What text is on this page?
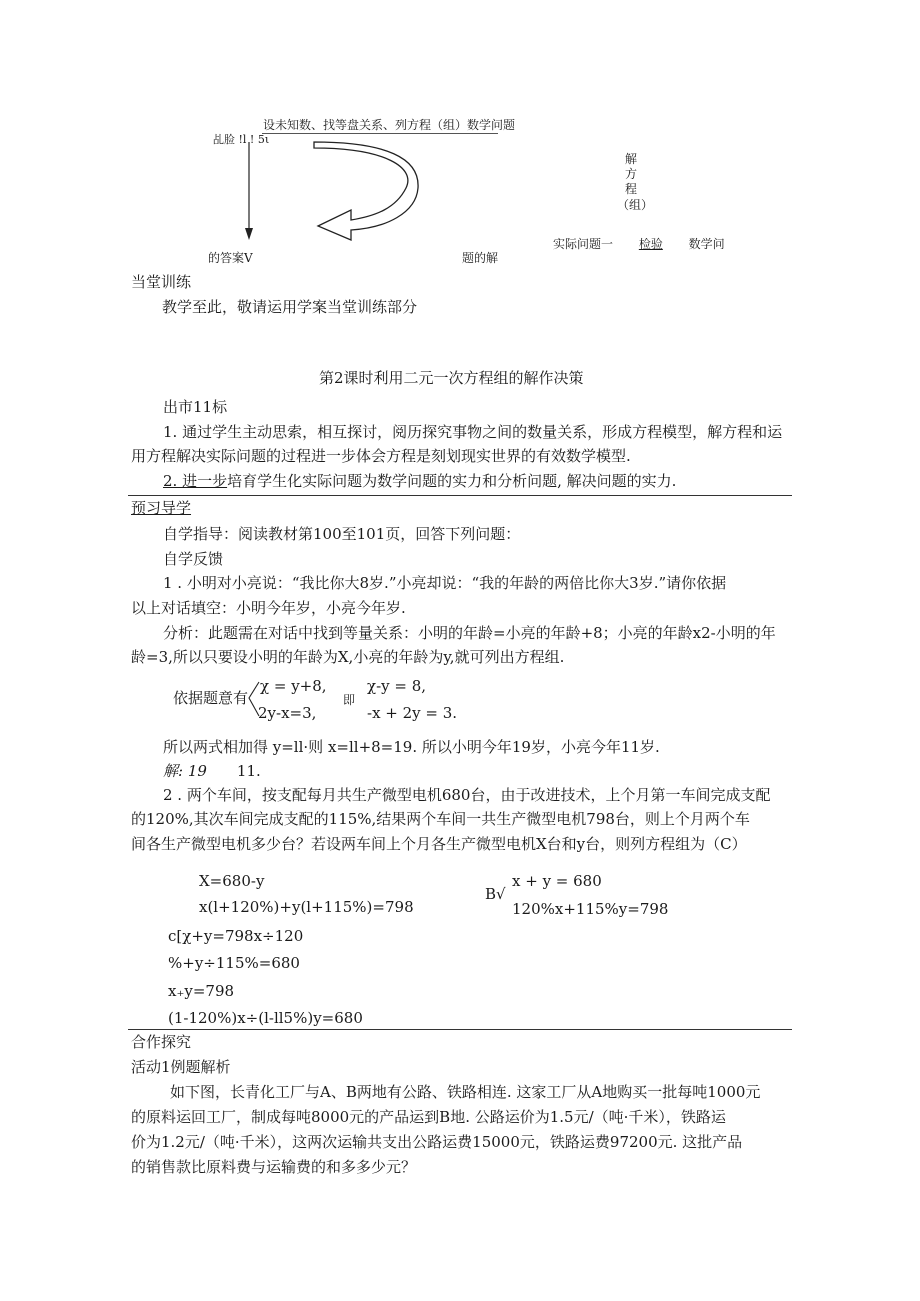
设未知数、找等盘关系、列方程（组）数学问题
乩脸 !l ! 5ι
解
方
程
（组）
的答案V	题的解
实际问题一 检验 数学问
当堂训练
教学至此，敬请运用学案当堂训练部分
第2课时利用二元一次方程组的解作决策
出市11标
1. 通过学生主动思索，相互探讨，阅历探究事物之间的数量关系，形成方程模型，解方程和运
用方程解决实际问题的过程进一步体会方程是刻划现实世界的有效数学模型.
2. 进一步培育学生化实际问题为数学问题的实力和分析问题, 解决问题的实力.
预习导学
自学指导：阅读教材第100至101页，回答下列问题：
自学反馈
1 . 小明对小亮说：“我比你大8岁.”小亮却说：“我的年龄的两倍比你大3岁.”请你依据
以上对话填空：小明今年岁，小亮今年岁.
分析：此题需在对话中找到等量关系：小明的年龄=小亮的年龄+8；小亮的年龄x2-小明的年
龄=3,所以只要设小明的年龄为X,小亮的年龄为y,就可列出方程组.
依据题意有
χ = y+8,
2y-x=3,
即
χ-y = 8,
-x + 2y = 3.
所以两式相加得 y=ll·则 x=ll+8=19. 所以小明今年19岁，小亮今年11岁.
解: 19 11.
2 . 两个车间，按支配每月共生产微型电机680台，由于改进技术，上个月第一车间完成支配
的120%,其次车间完成支配的115%,结果两个车间一共生产微型电机798台，则上个月两个车
间各生产微型电机多少台？若设两车间上个月各生产微型电机X台和y台，则列方程组为（C）
X=680-y
x(l+120%)+y(l+115%)=798
B√
x + y = 680
120%x+115%y=798
c[χ+y=798x÷120
%+y÷115%=680
x₊y=798
(1-120%)x÷(l-ll5%)y=680
合作探究
活动1例题解析
如下图，长青化工厂与A、B两地有公路、铁路相连. 这家工厂从A地购买一批每吨1000元
的原料运回工厂，制成每吨8000元的产品运到B地. 公路运价为1.5元/（吨·千米），铁路运
价为1.2元/（吨·千米），这两次运输共支出公路运费15000元，铁路运费97200元. 这批产品
的销售款比原料费与运输费的和多多少元？
